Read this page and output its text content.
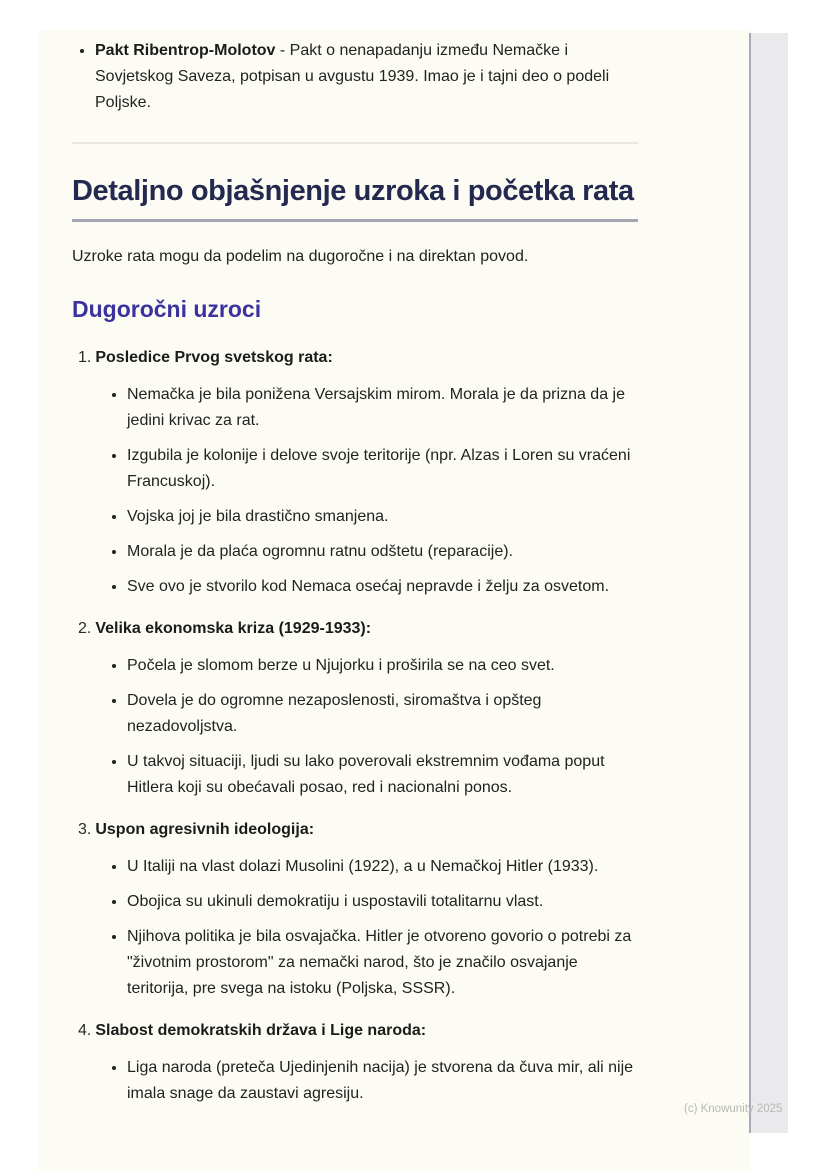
• Pakt Ribentrop-Molotov - Pakt o nenapadanju između Nemačke i Sovjetskog Saveza, potpisan u avgustu 1939. Imao je i tajni deo o podeli Poljske.
Detaljno objašnjenje uzroka i početka rata

Uzroke rata mogu da podelim na dugoročne i na direktan povod.

Dugoročni uzroci
1. Posledice Prvog svetskog rata:
• Nemačka je bila ponižena Versajskim mirom. Morala je da prizna da je jedini krivac za rat.
• Izgubila je kolonije i delove svoje teritorije (npr. Alzas i Loren su vraćeni Francuskoj).
• Vojska joj je bila drastično smanjena.
• Morala je da plaća ogromnu ratnu odštetu (reparacije).
• Sve ovo je stvorilo kod Nemaca osećaj nepravde i želju za osvetom.
2. Velika ekonomska kriza (1929-1933):
• Počela je slomom berze u Njujorku i proširila se na ceo svet.
• Dovela je do ogromne nezaposlenosti, siromaštva i opšteg nezadovoljstva.
• U takvoj situaciji, ljudi su lako poverovali ekstremnim vođama poput Hitlera koji su obećavali posao, red i nacionalni ponos.
3. Uspon agresivnih ideologija:
• U Italiji na vlast dolazi Musolini (1922), a u Nemačkoj Hitler (1933).
• Obojica su ukinuli demokratiju i uspostavili totalitarnu vlast.
• Njihova politika je bila osvajačka. Hitler je otvoreno govorio o potrebi za "životnim prostorom" za nemački narod, što je značilo osvajanje teritorija, pre svega na istoku (Poljska, SSSR).
4. Slabost demokratskih država i Lige naroda:
• Liga naroda (preteča Ujedinjenih nacija) je stvorena da čuva mir, ali nije imala snage da zaustavi agresiju.
(c) Knowunity 2025
